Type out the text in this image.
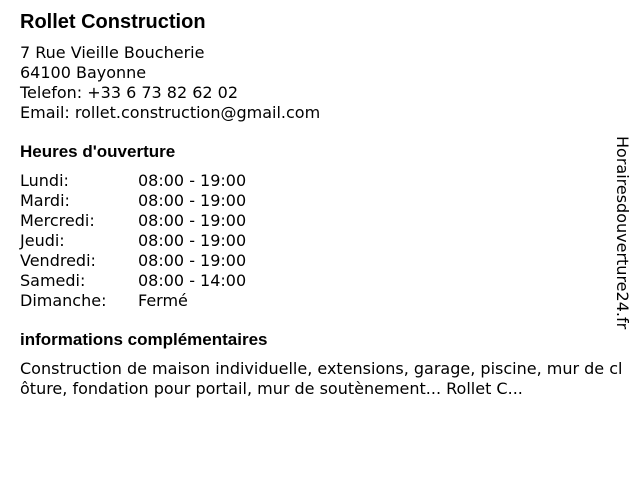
Rollet Construction
7 Rue Vieille Boucherie
64100 Bayonne
Telefon: +33 6 73 82 62 02
Email: rollet.construction@gmail.com
Heures d'ouverture
Lundi:	08:00 - 19:00
Mardi:	08:00 - 19:00
Mercredi:	08:00 - 19:00
Jeudi:	08:00 - 19:00
Vendredi:	08:00 - 19:00
Samedi:	08:00 - 14:00
Dimanche:	Fermé
informations complémentaires
Construction de maison individuelle, extensions, garage, piscine, mur de clôture, fondation pour portail, mur de soutènement... Rollet C...
Horairesdouverture24.fr
